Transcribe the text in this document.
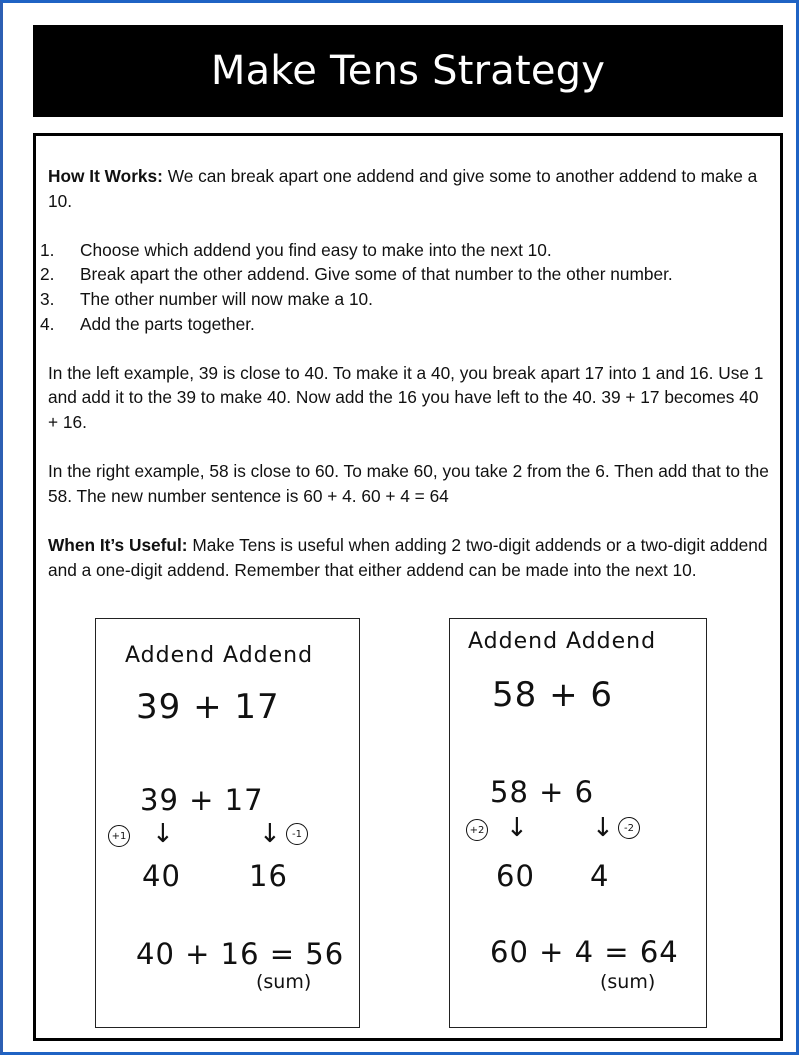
Make Tens Strategy

How It Works: We can break apart one addend and give some to another addend to make a 10.

1.	Choose which addend you find easy to make into the next 10.
2.	Break apart the other addend. Give some of that number to the other number.
3.	The other number will now make a 10.
4.	Add the parts together.

In the left example, 39 is close to 40. To make it a 40, you break apart 17 into 1 and 16. Use 1 and add it to the 39 to make 40. Now add the 16 you have left to the 40. 39 + 17 becomes 40 + 16.

In the right example, 58 is close to 60. To make 60, you take 2 from the 6. Then add that to the 58. The new number sentence is 60 + 4. 60 + 4 = 64

When It’s Useful: Make Tens is useful when adding 2 two-digit addends or a two-digit addend and a one-digit addend. Remember that either addend can be made into the next 10.

Addend Addend
39 + 17
39 + 17
+1 ↓	↓	-1
40 16
40 + 16 = 56
(sum)
Addend Addend
58 + 6
58 + 6
+2 ↓ ↓	-2
60 4
60 + 4 = 64
(sum)
